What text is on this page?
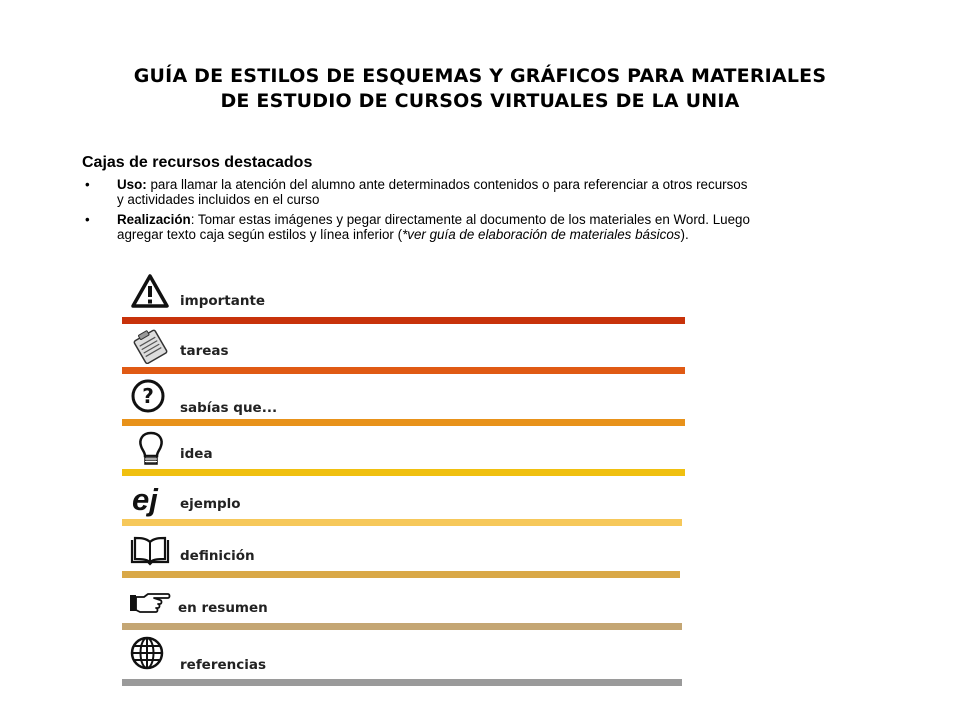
GUÍA DE ESTILOS DE ESQUEMAS Y GRÁFICOS PARA MATERIALES
DE ESTUDIO DE CURSOS VIRTUALES DE LA UNIA
Cajas de recursos destacados
• Uso: para llamar la atención del alumno ante determinados contenidos o para referenciar a otros recursos
y actividades incluidos en el curso
• Realización: Tomar estas imágenes y pegar directamente al documento de los materiales en Word. Luego
agregar texto caja según estilos y línea inferior (*ver guía de elaboración de materiales básicos).
importante
tareas
? sabías que...
idea
ej ejemplo
definición
en resumen
referencias
